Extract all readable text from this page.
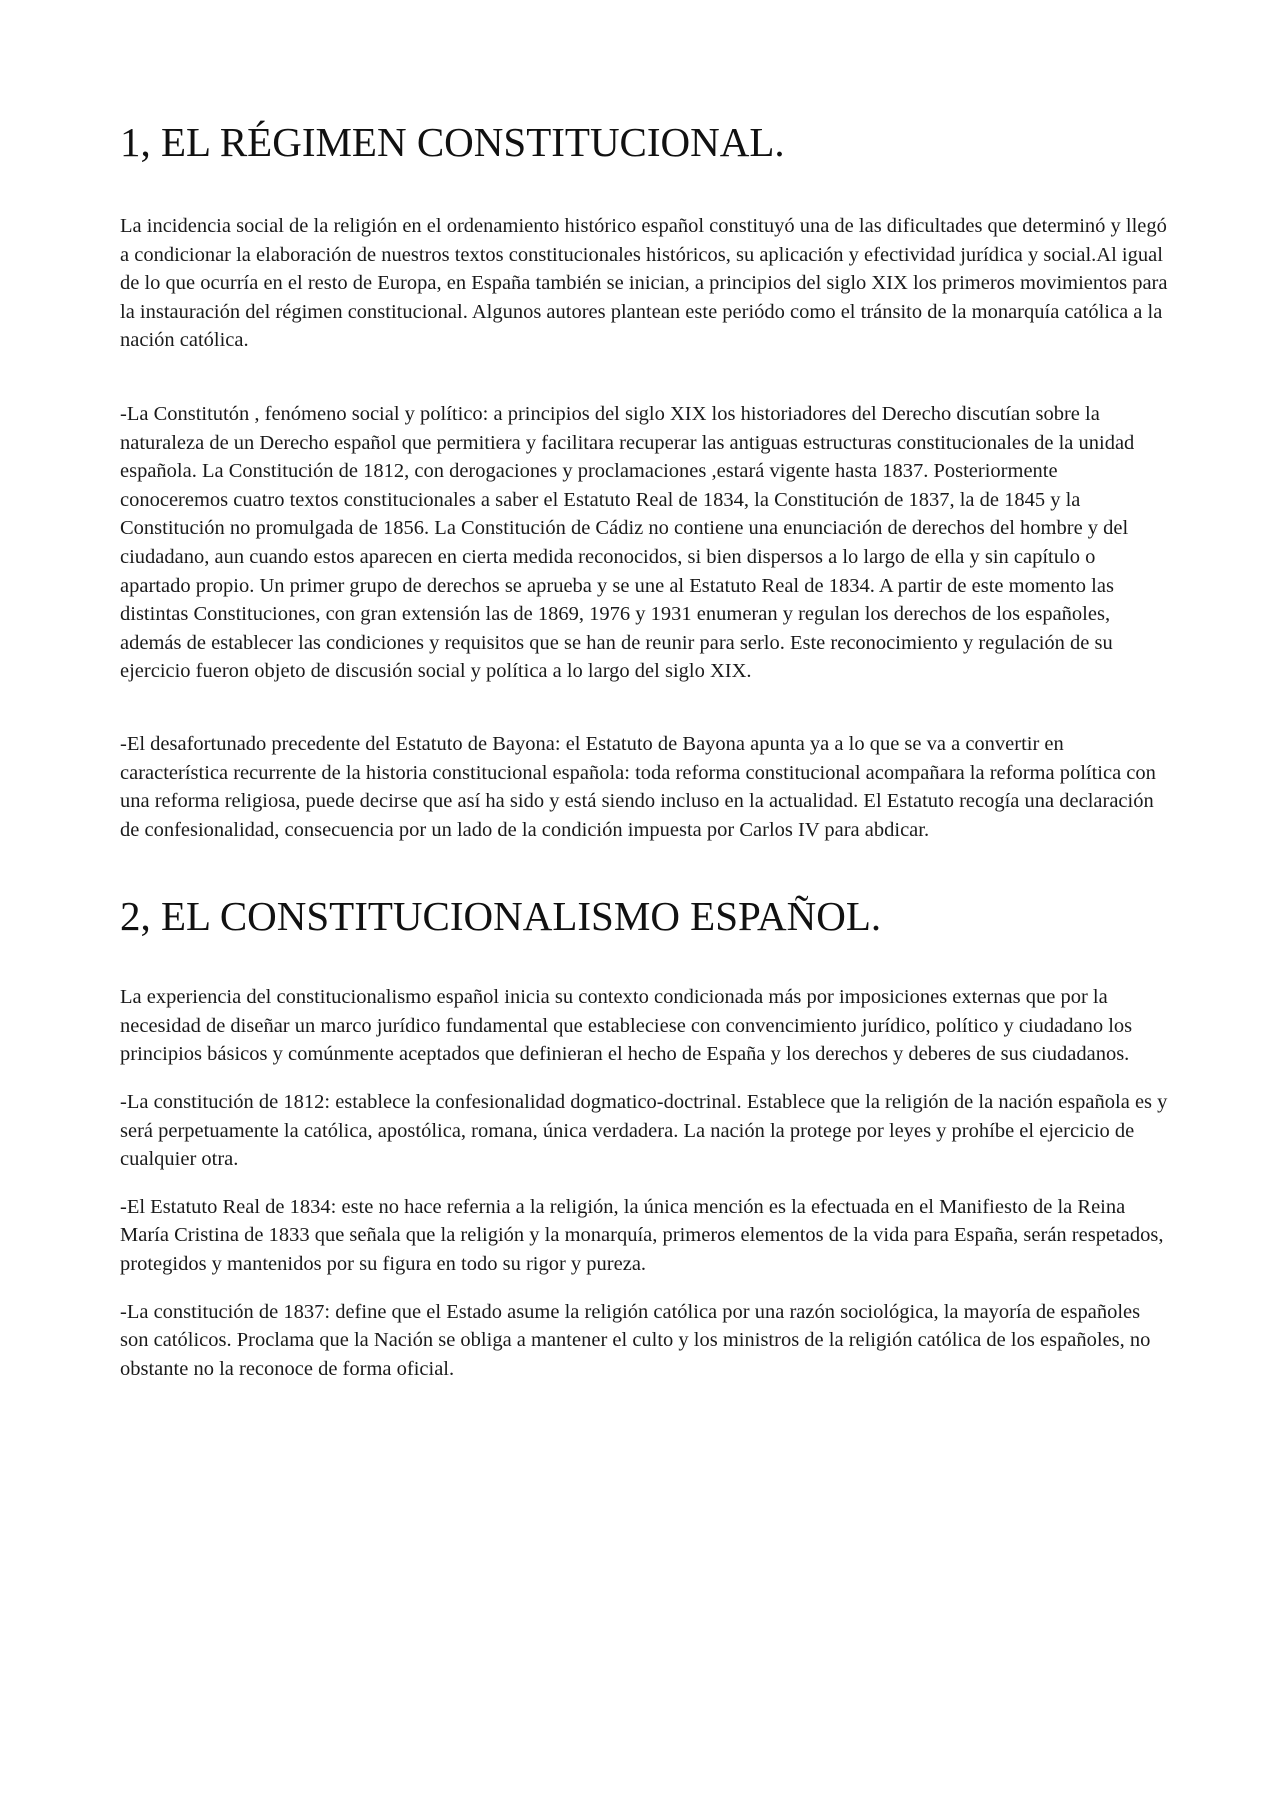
1, EL RÉGIMEN CONSTITUCIONAL.

La incidencia social de la religión en el ordenamiento histórico español constituyó una de las dificultades que determinó y llegó a condicionar la elaboración de nuestros textos constitucionales históricos, su aplicación y efectividad jurídica y social.Al igual de lo que ocurría en el resto de Europa, en España también se inician, a principios del siglo XIX los primeros movimientos para la instauración del régimen constitucional. Algunos autores plantean este periódo como el tránsito de la monarquía católica a la nación católica.

-La Constitutón , fenómeno social y político: a principios del siglo XIX los historiadores del Derecho discutían sobre la naturaleza de un Derecho español que permitiera y facilitara recuperar las antiguas estructuras constitucionales de la unidad española. La Constitución de 1812, con derogaciones y proclamaciones ,estará vigente hasta 1837. Posteriormente conoceremos cuatro textos constitucionales a saber el Estatuto Real de 1834, la Constitución de 1837, la de 1845 y la Constitución no promulgada de 1856. La Constitución de Cádiz no contiene una enunciación de derechos del hombre y del ciudadano, aun cuando estos aparecen en cierta medida reconocidos, si bien dispersos a lo largo de ella y sin capítulo o apartado propio. Un primer grupo de derechos se aprueba y se une al Estatuto Real de 1834. A partir de este momento las distintas Constituciones, con gran extensión las de 1869, 1976 y 1931 enumeran y regulan los derechos de los españoles, además de establecer las condiciones y requisitos que se han de reunir para serlo. Este reconocimiento y regulación de su ejercicio fueron objeto de discusión social y política a lo largo del siglo XIX.

-El desafortunado precedente del Estatuto de Bayona: el Estatuto de Bayona apunta ya a lo que se va a convertir en característica recurrente de la historia constitucional española: toda reforma constitucional acompañara la reforma política con una reforma religiosa, puede decirse que así ha sido y está siendo incluso en la actualidad. El Estatuto recogía una declaración de confesionalidad, consecuencia por un lado de la condición impuesta por Carlos IV para abdicar.

2, EL CONSTITUCIONALISMO ESPAÑOL.

La experiencia del constitucionalismo español inicia su contexto condicionada más por imposiciones externas que por la necesidad de diseñar un marco jurídico fundamental que estableciese con convencimiento jurídico, político y ciudadano los principios básicos y comúnmente aceptados que definieran el hecho de España y los derechos y deberes de sus ciudadanos.

-La constitución de 1812: establece la confesionalidad dogmatico-doctrinal. Establece que la religión de la nación española es y será perpetuamente la católica, apostólica, romana, única verdadera. La nación la protege por leyes y prohíbe el ejercicio de cualquier otra.

-El Estatuto Real de 1834: este no hace refernia a la religión, la única mención es la efectuada en el Manifiesto de la Reina María Cristina de 1833 que señala que la religión y la monarquía, primeros elementos de la vida para España, serán respetados, protegidos y mantenidos por su figura en todo su rigor y pureza.

-La constitución de 1837: define que el Estado asume la religión católica por una razón sociológica, la mayoría de españoles son católicos. Proclama que la Nación se obliga a mantener el culto y los ministros de la religión católica de los españoles, no obstante no la reconoce de forma oficial.
